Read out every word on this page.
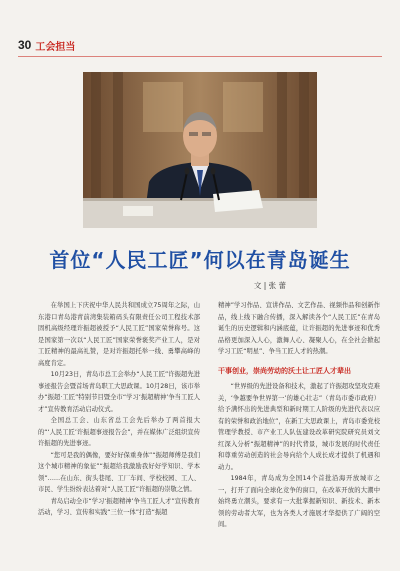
30 工会担当
首位“人民工匠”何以在青岛诞生
文 | 张 蕾

在举国上下庆祝中华人民共和国成立75周年之际，山东港口青岛港青前湾集装箱码头有限责任公司工程技术部固机高级经理许振超被授予“人民工匠”国家荣誉称号。这是国家第一次以“人民工匠”国家荣誉褒奖产业工人，是对工匠精神的最高礼赞，是对许振超托举一线、勇攀高峰的高度肯定。

10月23日，青岛市总工会举办“人民工匠”许振超先进事迹报告会暨首场青岛职工大思政课。10月28日，该市举办“振超·工匠”特别节目暨全市“学习‘振超精神’争当工匠人才”宣传教育活动启动仪式。

全国总工会、山东省总工会先后举办了两首报大的“‘人民工匠’许振超事迹报告会”，并在媒体广泛组织宣传许振超的先进事迹。

“您可是我的偶像，要好好保重身体”“振超师傅是我们这个城市精神的象征”“振超给我激励我好好学知识、学本领”……在山东、街头巷尾、工厂车间、学校校园、工人、市民、学生纷纷表达着对“人民工匠”许振超的崇敬之情。

青岛启动全市“学习‘振超精神’争当工匠人才”宣传教育活动，学习、宣传和实践“三位一体”打造“振超

精神”学习作品、宣讲作品、文艺作品、视频作品和创新作品，线上线下融合传播，深入解读各个“人民工匠”在青岛诞生的历史逻辑和内涵底蕴，让许振超的先进事迹和优秀品格更加深入人心，激舞人心、凝聚人心，在全社会掀起学习工匠“明星”、争当工匠人才的热潮。

干事创业，崇尚劳动的沃土让工匠人才辈出

“世界级的先进设备和技术，激起了许振超攻坚攻克难关，‘争越要争世界第一’的雄心壮志”（青岛市委市政府）给予满怀出的先进典型和新时期工人阶级的先进代表以应有的荣誉和政治地位”，在新工大思政课上，青岛市委党校管理学教授、市产业工人队伍建设改革研究院研究员刘文红深入分析“振超精神”的时代背景，城市发展的时代责任和尊重劳动创造的社会导向给个人成长成才提供了机遇和动力。

1984年，青岛成为全国14个首批沿海开放城市之一，打开了面向全球化竞争的窗口，在改革开放的大潮中始终勇立潮头，要求有一大批掌握新知识、新技术、新本领的劳动者大军，也为各类人才施展才华提供了广阔的空间。
